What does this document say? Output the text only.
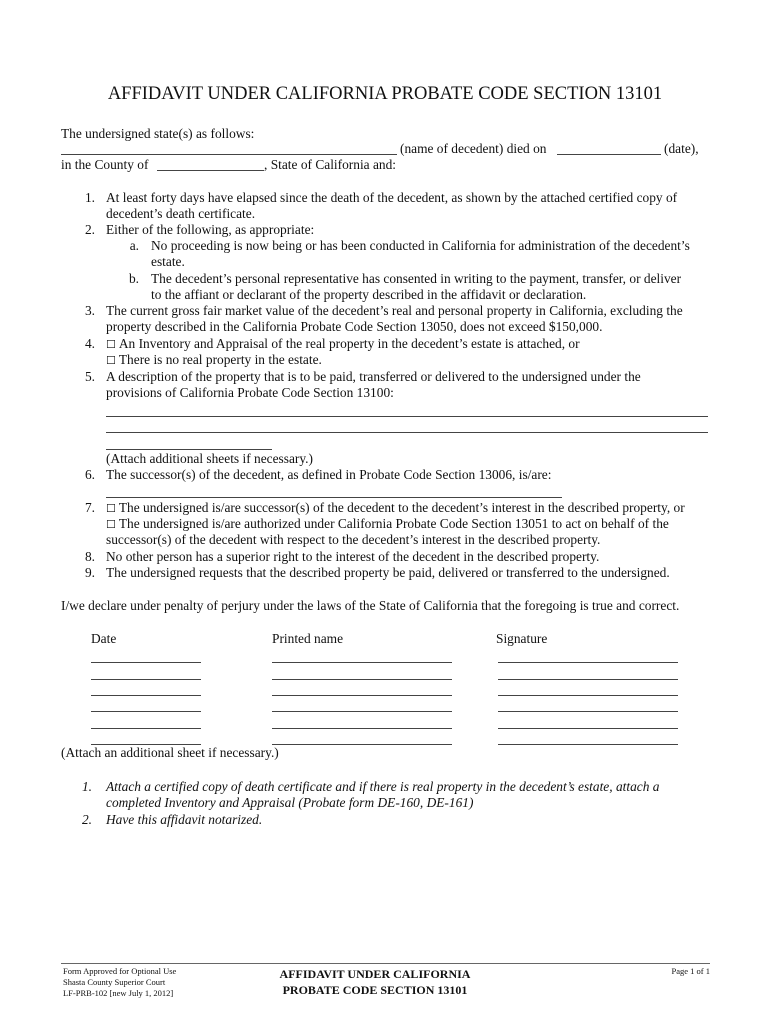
AFFIDAVIT UNDER CALIFORNIA PROBATE CODE SECTION 13101
The undersigned state(s) as follows:
(name of decedent) died on	(date),
in the County of	, State of California and:
1. At least forty days have elapsed since the death of the decedent, as shown by the attached certified copy of
decedent’s death certificate.
2. Either of the following, as appropriate:
a. No proceeding is now being or has been conducted in California for administration of the decedent’s
estate.
b. The decedent’s personal representative has consented in writing to the payment, transfer, or deliver
to the affiant or declarant of the property described in the affidavit or declaration.
3. The current gross fair market value of the decedent’s real and personal property in California, excluding the
property described in the California Probate Code Section 13050, does not exceed $150,000.
4. ☐ An Inventory and Appraisal of the real property in the decedent’s estate is attached, or
☐ There is no real property in the estate.
5. A description of the property that is to be paid, transferred or delivered to the undersigned under the
provisions of California Probate Code Section 13100:
(Attach additional sheets if necessary.)
6. The successor(s) of the decedent, as defined in Probate Code Section 13006, is/are:
7. ☐ The undersigned is/are successor(s) of the decedent to the decedent’s interest in the described property, or
☐ The undersigned is/are authorized under California Probate Code Section 13051 to act on behalf of the
successor(s) of the decedent with respect to the decedent’s interest in the described property.
8. No other person has a superior right to the interest of the decedent in the described property.
9. The undersigned requests that the described property be paid, delivered or transferred to the undersigned.
I/we declare under penalty of perjury under the laws of the State of California that the foregoing is true and correct.
Date	Printed name	Signature
(Attach an additional sheet if necessary.)
1. Attach a certified copy of death certificate and if there is real property in the decedent’s estate, attach a
completed Inventory and Appraisal (Probate form DE-160, DE-161)
2. Have this affidavit notarized.
Form Approved for Optional Use
Shasta County Superior Court
LF-PRB-102 [new July 1, 2012]
AFFIDAVIT UNDER CALIFORNIA
PROBATE CODE SECTION 13101
Page 1 of 1
